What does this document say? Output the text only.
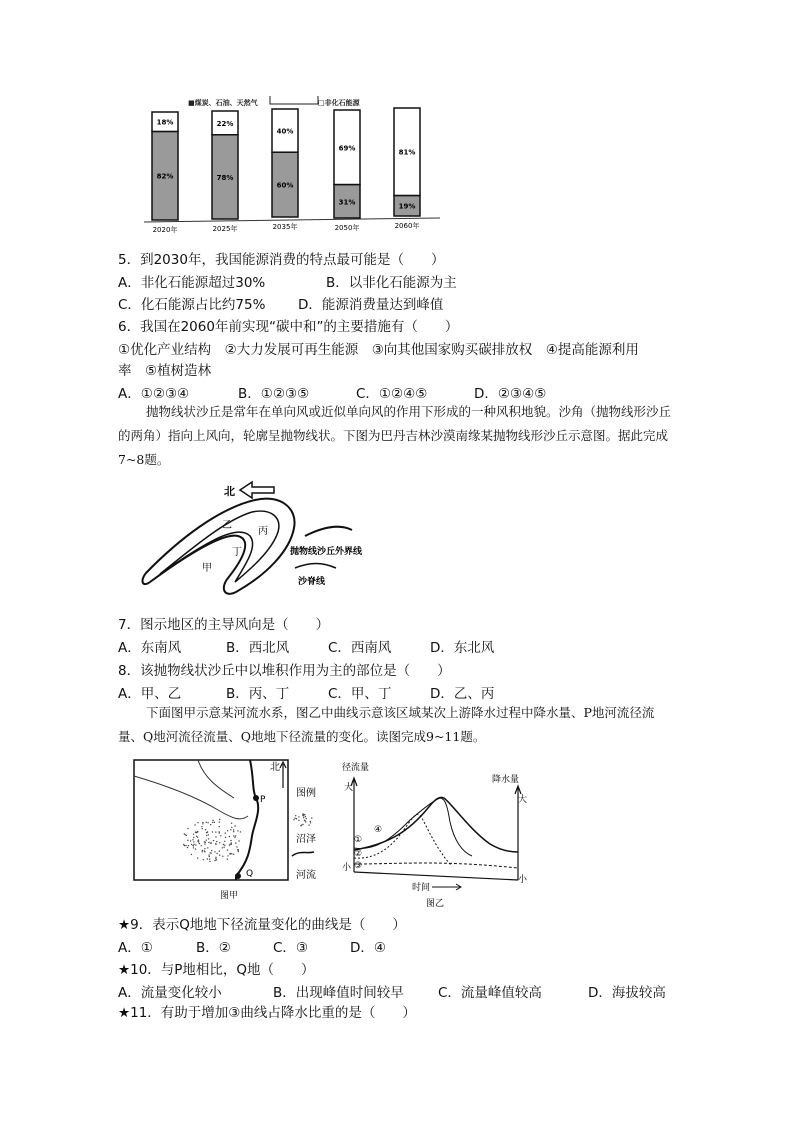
■煤炭、石油、天然气	□非化石能源
82%
18%
78%
22%
60%
40%
31%
69%
19%
81%
2020年	2025年	2035年	2050年	2060年
5．到2030年，我国能源消费的特点最可能是（　　）
A．非化石能源超过30%	B．以非化石能源为主
C．化石能源占比约75% D．能源消费量达到峰值
6．我国在2060年前实现“碳中和”的主要措施有（　　）
①优化产业结构　②大力发展可再生能源　③向其他国家购买碳排放权　④提高能源利用
率　⑤植树造林
A．①②③④	B．①②③⑤	C．①②④⑤	D．②③④⑤
抛物线状沙丘是常年在单向风或近似单向风的作用下形成的一种风积地貌。沙角（抛物线形沙丘的两角）指向上风向，轮廓呈抛物线状。下图为巴丹吉林沙漠南缘某抛物线形沙丘示意图。据此完成7~8题。
北
甲
乙
丙
丁	抛物线沙丘外界线
沙脊线
7．图示地区的主导风向是（　　）
A．东南风	B．西北风	C．西南风	D．东北风
8．该抛物线状沙丘中以堆积作用为主的部位是（　　）
A．甲、乙	B．丙、丁	C．甲、丁	D．乙、丙
下面图甲示意某河流水系，图乙中曲线示意该区域某次上游降水过程中降水量、P地河流径流量、Q地河流径流量、Q地地下径流量的变化。读图完成9~11题。
P
Q
北
图甲
图例
沼泽
河流
径流量
大
小
降水量
大
小
①
②
③
④
时间
图乙
★9．表示Q地地下径流量变化的曲线是（　　）
A．①	B．②	C．③	D．④
★10．与P地相比，Q地（　　）
A．流量变化较小	B．出现峰值时间较早	C．流量峰值较高	D．海拔较高
★11．有助于增加③曲线占降水比重的是（　　）
